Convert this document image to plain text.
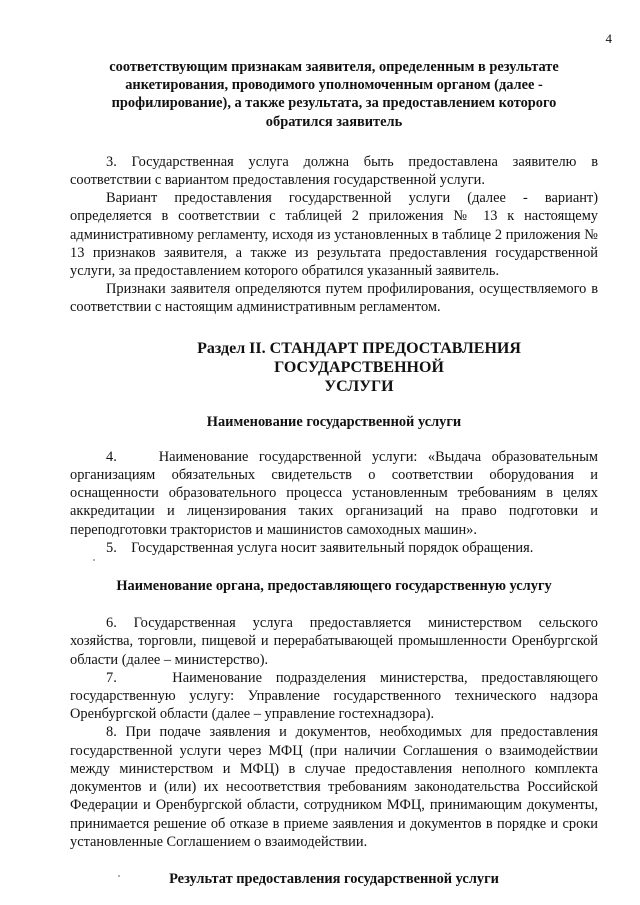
4
соответствующим признакам заявителя, определенным в результате
анкетирования, проводимого уполномоченным органом (далее -
профилирование), а также результата, за предоставлением которого
обратился заявитель

3. Государственная услуга должна быть предоставлена заявителю в соответствии с вариантом предоставления государственной услуги.

Вариант предоставления государственной услуги (далее - вариант) определяется в соответствии с таблицей 2 приложения № 13 к настоящему административному регламенту, исходя из установленных в таблице 2 приложения № 13 признаков заявителя, а также из результата предоставления государственной услуги, за предоставлением которого обратился указанный заявитель.

Признаки заявителя определяются путем профилирования, осуществляемого в соответствии с настоящим административным регламентом.

Раздел II. СТАНДАРТ ПРЕДОСТАВЛЕНИЯ ГОСУДАРСТВЕННОЙ
УСЛУГИ
Наименование государственной услуги

4.    Наименование государственной услуги: «Выдача образовательным организациям обязательных свидетельств о соответствии оборудования и оснащенности образовательного процесса установленным требованиям в целях аккредитации и лицензирования таких организаций на право подготовки и переподготовки трактористов и машинистов самоходных машин».

5.    Государственная услуга носит заявительный порядок обращения.

Наименование органа, предоставляющего государственную услугу

6. Государственная услуга предоставляется министерством сельского хозяйства, торговли, пищевой и перерабатывающей промышленности Оренбургской области (далее – министерство).

7.    Наименование подразделения министерства, предоставляющего государственную услугу: Управление государственного технического надзора Оренбургской области (далее – управление гостехнадзора).

8. При подаче заявления и документов, необходимых для предоставления государственной услуги через МФЦ (при наличии Соглашения о взаимодействии между министерством и МФЦ) в случае предоставления неполного комплекта документов и (или) их несоответствия требованиям законодательства Российской Федерации и Оренбургской области, сотрудником МФЦ, принимающим документы, принимается решение об отказе в приеме заявления и документов в порядке и сроки установленные Соглашением о взаимодействии.

Результат предоставления государственной услуги
